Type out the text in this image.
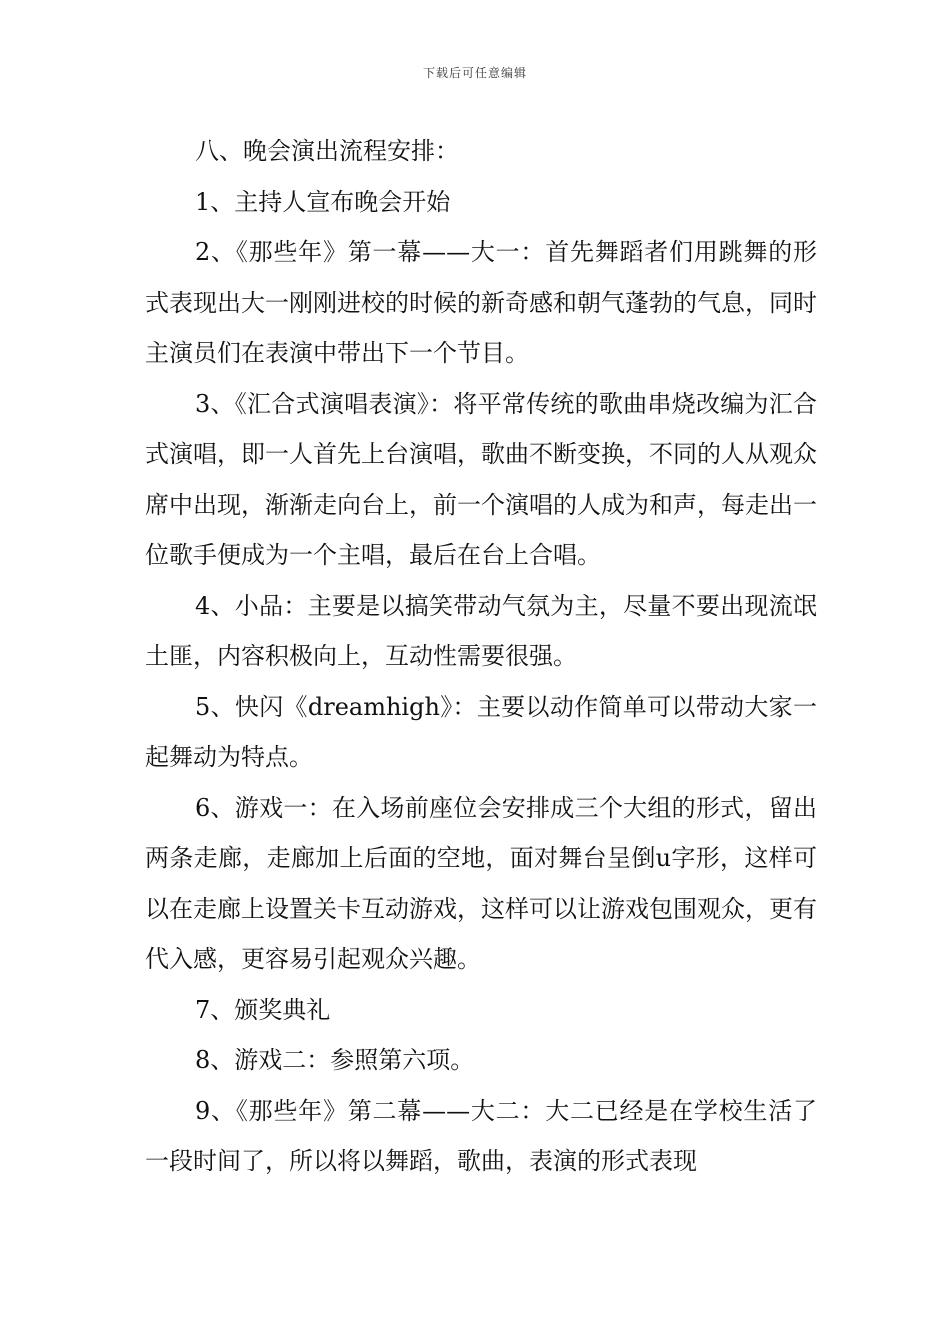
下载后可任意编辑

八、晚会演出流程安排：

1、主持人宣布晚会开始

2、《那些年》第一幕——大一：首先舞蹈者们用跳舞的形式表现出大一刚刚进校的时候的新奇感和朝气蓬勃的气息，同时主演员们在表演中带出下一个节目。

3、《汇合式演唱表演》：将平常传统的歌曲串烧改编为汇合式演唱，即一人首先上台演唱，歌曲不断变换，不同的人从观众席中出现，渐渐走向台上，前一个演唱的人成为和声，每走出一位歌手便成为一个主唱，最后在台上合唱。

4、小品：主要是以搞笑带动气氛为主，尽量不要出现流氓土匪，内容积极向上，互动性需要很强。

5、快闪《dreamhigh》：主要以动作简单可以带动大家一起舞动为特点。

6、游戏一：在入场前座位会安排成三个大组的形式，留出两条走廊，走廊加上后面的空地，面对舞台呈倒u字形，这样可以在走廊上设置关卡互动游戏，这样可以让游戏包围观众，更有代入感，更容易引起观众兴趣。

7、颁奖典礼

8、游戏二：参照第六项。

9、《那些年》第二幕——大二：大二已经是在学校生活了一段时间了，所以将以舞蹈，歌曲，表演的形式表现
